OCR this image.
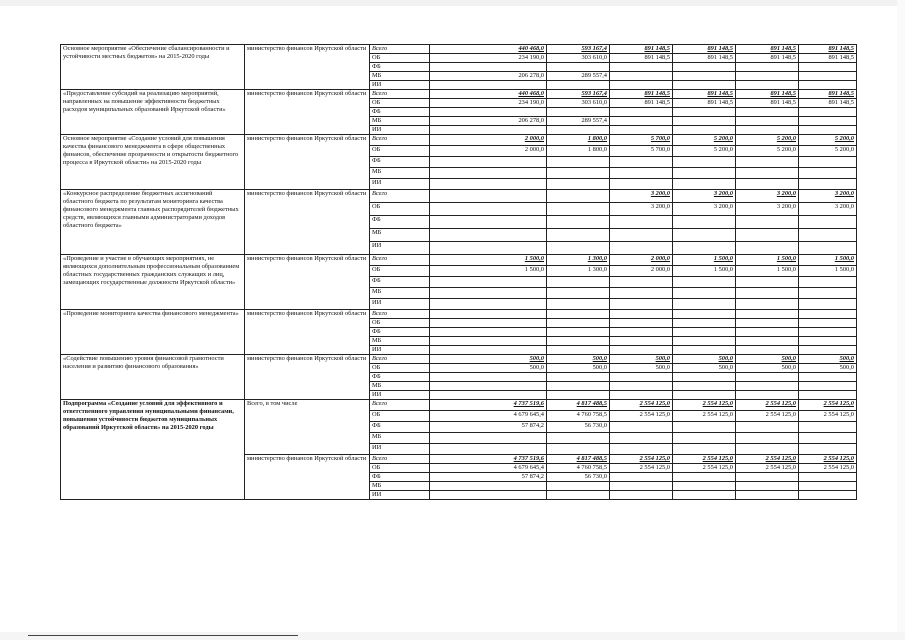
Основное мероприятие «Обеспечение сбалансированности и устойчивости местных бюджетов» на 2015-2020 годы	министерство финансов Иркутской области	Всего	440 468,0	593 167,4	891 148,5	891 148,5	891 148,5	891 148,5
		ОБ	234 190,0	303 610,0	891 148,5	891 148,5	891 148,5	891 148,5
		ФБ						
		МБ	206 278,0	289 557,4				
		ИИ						
«Предоставление субсидий на реализацию мероприятий, направленных на повышение эффективности бюджетных расходов муниципальных образований Иркутской области»	министерство финансов Иркутской области	Всего	440 468,0	593 167,4	891 148,5	891 148,5	891 148,5	891 148,5
		ОБ	234 190,0	303 610,0	891 148,5	891 148,5	891 148,5	891 148,5
		ФБ						
		МБ	206 278,0	289 557,4				
		ИИ						
Основное мероприятие «Создание условий для повышения качества финансового менеджмента в сфере общественных финансов, обеспечение прозрачности и открытости бюджетного процесса в Иркутской области» на 2015-2020 годы	министерство финансов Иркутской области	Всего	2 000,0	1 800,0	5 700,0	5 200,0	5 200,0	5 200,0
		ОБ	2 000,0	1 800,0	5 700,0	5 200,0	5 200,0	5 200,0
		ФБ						
		МБ						
		ИИ						
«Конкурсное распределение бюджетных ассигнований областного бюджета по результатам мониторинга качества финансового менеджмента главных распорядителей бюджетных средств, являющихся главными администраторами доходов областного бюджета»	министерство финансов Иркутской области	Всего			3 200,0	3 200,0	3 200,0	3 200,0
		ОБ			3 200,0	3 200,0	3 200,0	3 200,0
		ФБ						
		МБ						
		ИИ						
«Проведение и участие в обучающих мероприятиях, не являющихся дополнительным профессиональным образованием областных государственных гражданских служащих и лиц, замещающих государственные должности Иркутской области»	министерство финансов Иркутской области	Всего	1 500,0	1 300,0	2 000,0	1 500,0	1 500,0	1 500,0
		ОБ	1 500,0	1 300,0	2 000,0	1 500,0	1 500,0	1 500,0
		ФБ						
		МБ						
		ИИ						
«Проведение мониторинга качества финансового менеджмента»	министерство финансов Иркутской области	Всего						
		ОБ						
		ФБ						
		МБ						
		ИИ						
«Содействие повышению уровня финансовой грамотности населения и развитию финансового образования»	министерство финансов Иркутской области	Всего	500,0	500,0	500,0	500,0	500,0	500,0
		ОБ	500,0	500,0	500,0	500,0	500,0	500,0
		ФБ						
		МБ						
		ИИ						
Подпрограмма «Создание условий для эффективного и ответственного управления муниципальными финансами, повышения устойчивости бюджетов муниципальных образований Иркутской области» на 2015-2020 годы	Всего, в том числе	Всего	4 737 519,6	4 817 488,5	2 554 125,0	2 554 125,0	2 554 125,0	2 554 125,0
		ОБ	4 679 645,4	4 760 758,5	2 554 125,0	2 554 125,0	2 554 125,0	2 554 125,0
		ФБ	57 874,2	56 730,0				
		МБ						
		ИИ						
	министерство финансов Иркутской области	Всего	4 737 519,6	4 817 488,5	2 554 125,0	2 554 125,0	2 554 125,0	2 554 125,0
		ОБ	4 679 645,4	4 760 758,5	2 554 125,0	2 554 125,0	2 554 125,0	2 554 125,0
		ФБ	57 874,2	56 730,0				
		МБ						
		ИИ						
